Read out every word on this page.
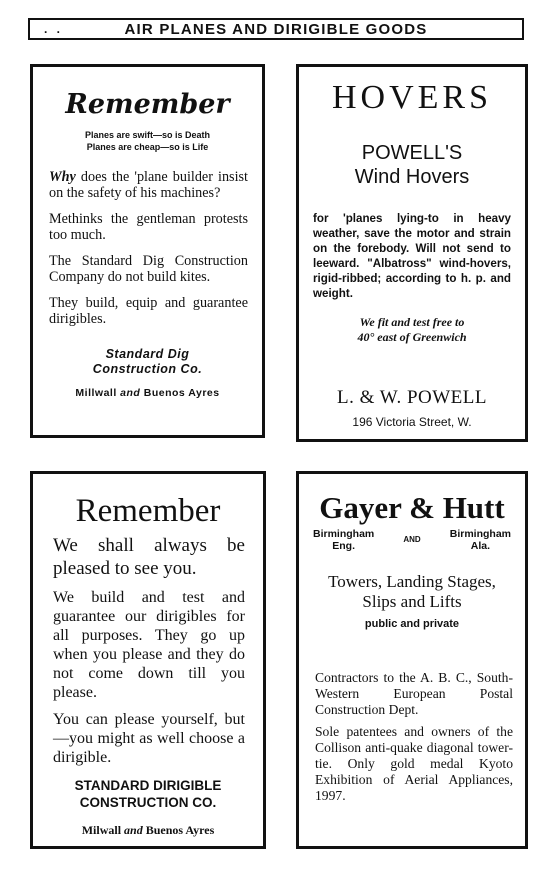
. .	AIR PLANES AND DIRIGIBLE GOODS

Remember

Planes are swift—so is Death
Planes are cheap—so is Life

Why does the 'plane builder insist on the safety of his machines?

Methinks the gentleman protests too much.

The Standard Dig Construction Company do not build kites.

They build, equip and guarantee dirigibles.

Standard Dig
Construction Co.
Millwall and Buenos Ayres

HOVERS

POWELL'S
Wind Hovers

for 'planes lying-to in heavy weather, save the motor and strain on the forebody. Will not send to leeward. "Albatross" wind-hovers, rigid-ribbed; according to h. p. and weight.

We fit and test free to
40° east of Greenwich

L. & W. POWELL

196 Victoria Street, W.

Remember

We shall always be pleased to see you.

We build and test and guarantee our dirigibles for all purposes. They go up when you please and they do not come down till you please.

You can please yourself, but—you might as well choose a dirigible.

STANDARD DIRIGIBLE
CONSTRUCTION CO.
Milwall and Buenos Ayres

Gayer & Hutt

Birmingham
Eng.
AND	Birmingham
Ala.
Towers, Landing Stages,
Slips and Lifts

public and private

Contractors to the A. B. C., South-Western European Postal Construction Dept.

Sole patentees and owners of the Collison anti-quake diagonal tower-tie. Only gold medal Kyoto Exhibition of Aerial Appliances, 1997.
